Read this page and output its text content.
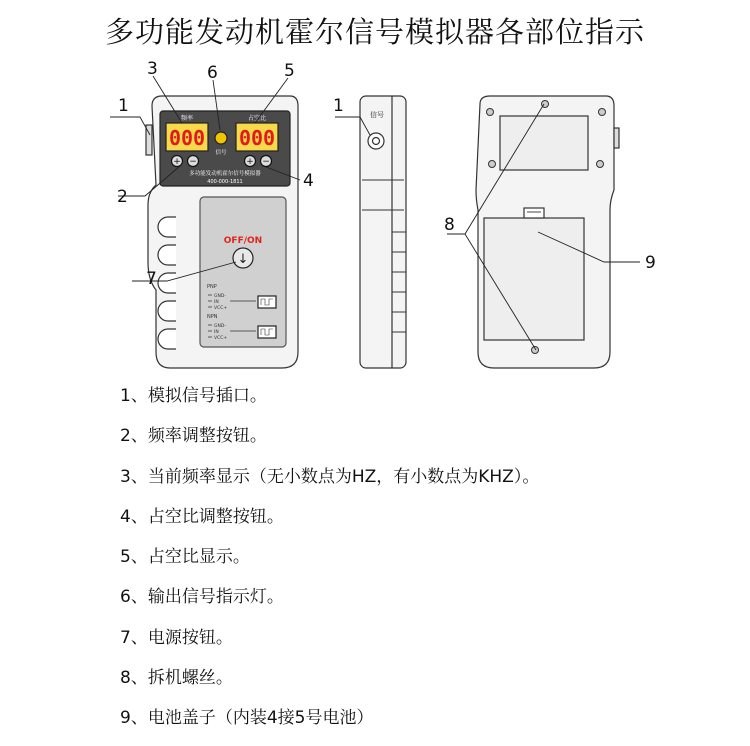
多功能发动机霍尔信号模拟器各部位指示
频率	占空比
000 000
信号
+ −	+ −
多功能发动机霍尔信号模拟器
400-000-1811
OFF/ON
↓
PNP
GND-
IN
VCC+
NPN
GND-
IN
VCC+
信号
1
2
3	6	5
4
7
1
8
9
1、模拟信号插口。
2、频率调整按钮。
3、当前频率显示（无小数点为HZ，有小数点为KHZ）。
4、占空比调整按钮。
5、占空比显示。
6、输出信号指示灯。
7、电源按钮。
8、拆机螺丝。
9、电池盖子（内装4接5号电池）
